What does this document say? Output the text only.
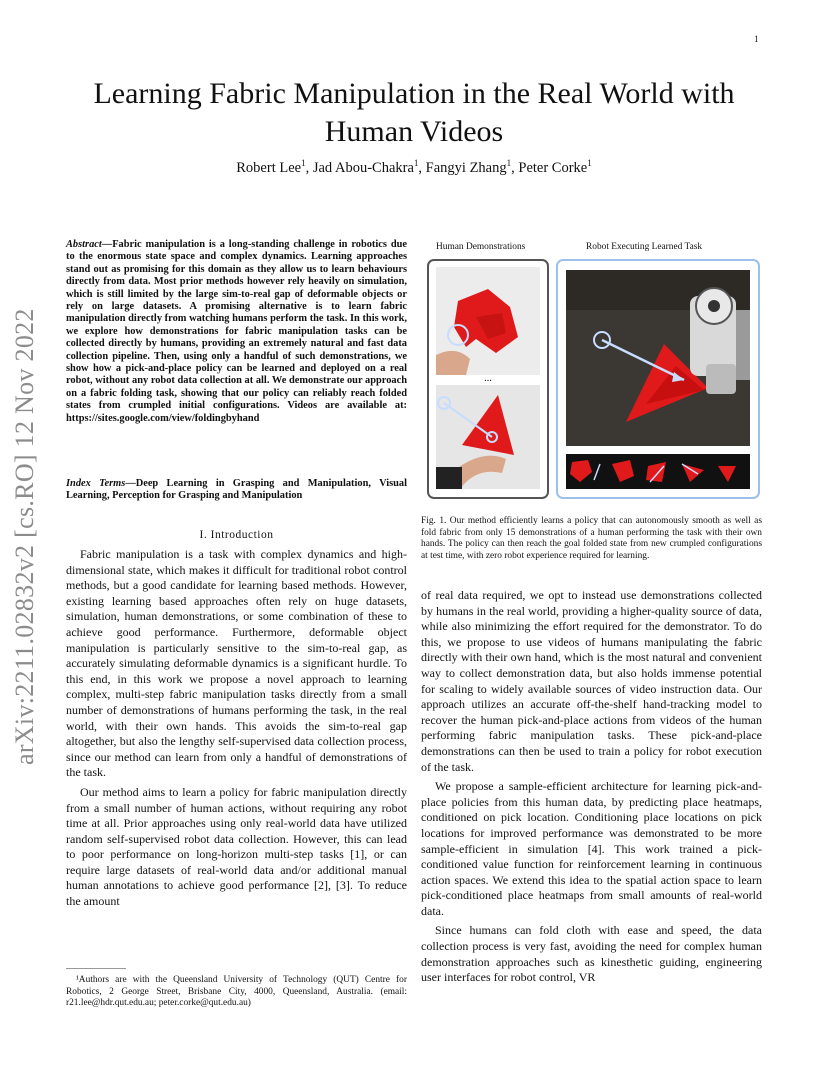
1
arXiv:2211.02832v2 [cs.RO] 12 Nov 2022
Learning Fabric Manipulation in the Real World with Human Videos
Robert Lee$^1$, Jad Abou-Chakra$^1$, Fangyi Zhang$^1$, Peter Corke$^1$
Abstract—Fabric manipulation is a long-standing challenge in robotics due to the enormous state space and complex dynamics. Learning approaches stand out as promising for this domain as they allow us to learn behaviours directly from data. Most prior methods however rely heavily on simulation, which is still limited by the large sim-to-real gap of deformable objects or rely on large datasets. A promising alternative is to learn fabric manipulation directly from watching humans perform the task. In this work, we explore how demonstrations for fabric manipulation tasks can be collected directly by humans, providing an extremely natural and fast data collection pipeline. Then, using only a handful of such demonstrations, we show how a pick-and-place policy can be learned and deployed on a real robot, without any robot data collection at all. We demonstrate our approach on a fabric folding task, showing that our policy can reliably reach folded states from crumpled initial configurations. Videos are available at: https://sites.google.com/view/foldingbyhand
Index Terms—Deep Learning in Grasping and Manipulation, Visual Learning, Perception for Grasping and Manipulation
I. Introduction

Fabric manipulation is a task with complex dynamics and high-dimensional state, which makes it difficult for traditional robot control methods, but a good candidate for learning based methods. However, existing learning based approaches often rely on huge datasets, simulation, human demonstrations, or some combination of these to achieve good performance. Furthermore, deformable object manipulation is particularly sensitive to the sim-to-real gap, as accurately simulating deformable dynamics is a significant hurdle. To this end, in this work we propose a novel approach to learning complex, multi-step fabric manipulation tasks directly from a small number of demonstrations of humans performing the task, in the real world, with their own hands. This avoids the sim-to-real gap altogether, but also the lengthy self-supervised data collection process, since our method can learn from only a handful of demonstrations of the task.

Our method aims to learn a policy for fabric manipulation directly from a small number of human actions, without requiring any robot time at all. Prior approaches using only real-world data have utilized random self-supervised robot data collection. However, this can lead to poor performance on long-horizon multi-step tasks [1], or can require large datasets of real-world data and/or additional manual human annotations to achieve good performance [2], [3]. To reduce the amount

¹Authors are with the Queensland University of Technology (QUT) Centre for Robotics, 2 George Street, Brisbane City, 4000, Queensland, Australia. (email: r21.lee@hdr.qut.edu.au; peter.corke@qut.edu.au)
Human Demonstrations	Robot Executing Learned Task
...
Fig. 1. Our method efficiently learns a policy that can autonomously smooth as well as fold fabric from only 15 demonstrations of a human performing the task with their own hands. The policy can then reach the goal folded state from new crumpled configurations at test time, with zero robot experience required for learning.

of real data required, we opt to instead use demonstrations collected by humans in the real world, providing a higher-quality source of data, while also minimizing the effort required for the demonstrator. To do this, we propose to use videos of humans manipulating the fabric directly with their own hand, which is the most natural and convenient way to collect demonstration data, but also holds immense potential for scaling to widely available sources of video instruction data. Our approach utilizes an accurate off-the-shelf hand-tracking model to recover the human pick-and-place actions from videos of the human performing fabric manipulation tasks. These pick-and-place demonstrations can then be used to train a policy for robot execution of the task.

We propose a sample-efficient architecture for learning pick-and-place policies from this human data, by predicting place heatmaps, conditioned on pick location. Conditioning place locations on pick locations for improved performance was demonstrated to be more sample-efficient in simulation [4]. This work trained a pick-conditioned value function for reinforcement learning in continuous action spaces. We extend this idea to the spatial action space to learn pick-conditioned place heatmaps from small amounts of real-world data.

Since humans can fold cloth with ease and speed, the data collection process is very fast, avoiding the need for complex human demonstration approaches such as kinesthetic guiding, engineering user interfaces for robot control, VR
